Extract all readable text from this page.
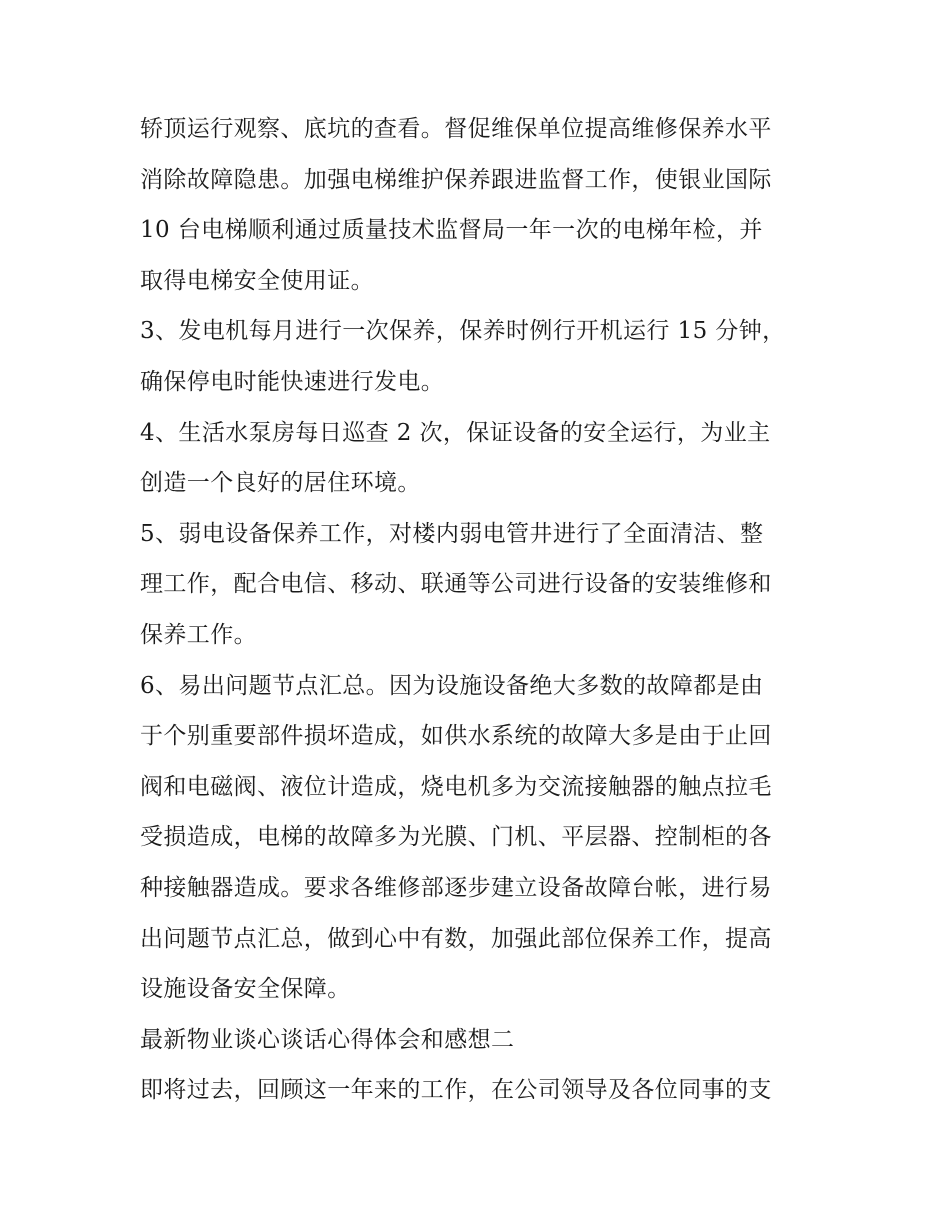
轿顶运行观察、底坑的查看。督促维保单位提高维修保养水平
消除故障隐患。加强电梯维护保养跟进监督工作，使银业国际
10 台电梯顺利通过质量技术监督局一年一次的电梯年检，并
取得电梯安全使用证。
3、发电机每月进行一次保养，保养时例行开机运行 15 分钟，
确保停电时能快速进行发电。
4、生活水泵房每日巡查 2 次，保证设备的安全运行，为业主
创造一个良好的居住环境。
5、弱电设备保养工作，对楼内弱电管井进行了全面清洁、整
理工作，配合电信、移动、联通等公司进行设备的安装维修和
保养工作。
6、易出问题节点汇总。因为设施设备绝大多数的故障都是由
于个别重要部件损坏造成，如供水系统的故障大多是由于止回
阀和电磁阀、液位计造成，烧电机多为交流接触器的触点拉毛
受损造成，电梯的故障多为光膜、门机、平层器、控制柜的各
种接触器造成。要求各维修部逐步建立设备故障台帐，进行易
出问题节点汇总，做到心中有数，加强此部位保养工作，提高
设施设备安全保障。
最新物业谈心谈话心得体会和感想二
即将过去，回顾这一年来的工作，在公司领导及各位同事的支
